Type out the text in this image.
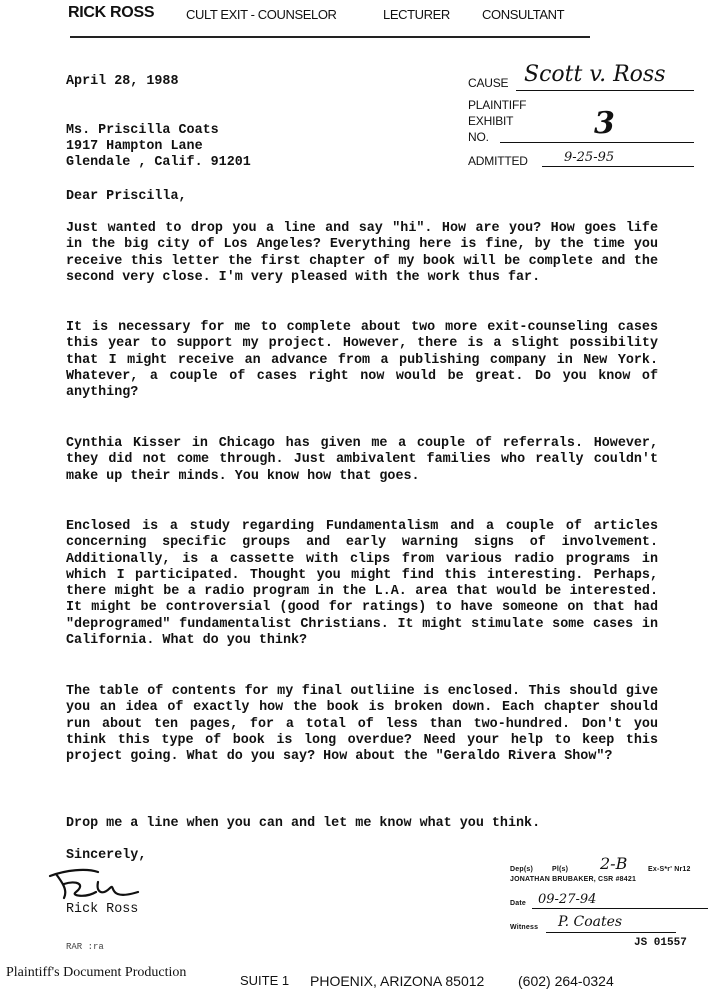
RICK ROSS CULT EXIT - COUNSELOR	LECTURER CONSULTANT
April 28, 1988	CAUSE Scott v. Ross
PLAINTIFF
EXHIBIT
NO.	3
ADMITTED	9-25-95
Ms. Priscilla Coats
1917 Hampton Lane
Glendale , Calif. 91201
Dear Priscilla,
Just wanted to drop you a line and say "hi". How are you? How goes life in the big city of Los Angeles? Everything here is fine, by the time you receive this letter the first chapter of my book will be complete and the second very close. I'm very pleased with the work thus far.
It is necessary for me to complete about two more exit-counseling cases this year to support my project. However, there is a slight possibility that I might receive an advance from a publishing company in New York. Whatever, a couple of cases right now would be great. Do you know of anything?
Cynthia Kisser in Chicago has given me a couple of referrals. However, they did not come through. Just ambivalent families who really couldn't make up their minds. You know how that goes.
Enclosed is a study regarding Fundamentalism and a couple of articles concerning specific groups and early warning signs of involvement. Additionally, is a cassette with clips from various radio programs in which I participated. Thought you might find this interesting. Perhaps, there might be a radio program in the L.A. area that would be interested. It might be controversial (good for ratings) to have someone on that had "deprogramed" fundamentalist Christians. It might stimulate some cases in California. What do you think?
The table of contents for my final outliine is enclosed. This should give you an idea of exactly how the book is broken down. Each chapter should run about ten pages, for a total of less than two-hundred. Don't you think this type of book is long overdue? Need your help to keep this project going. What do you say? How about the "Geraldo Rivera Show"?
Drop me a line when you can and let me know what you think.
Sincerely,
Rick Ross
RAR :ra
Dep(s)	Pl(s) 2-B	Ex-S*r' Nr12
JONATHAN BRUBAKER, CSR #8421
Date 09-27-94
Witness P. Coates
JS 01557
Plaintiff's Document Production
SUITE 1 PHOENIX, ARIZONA 85012 (602) 264-0324
